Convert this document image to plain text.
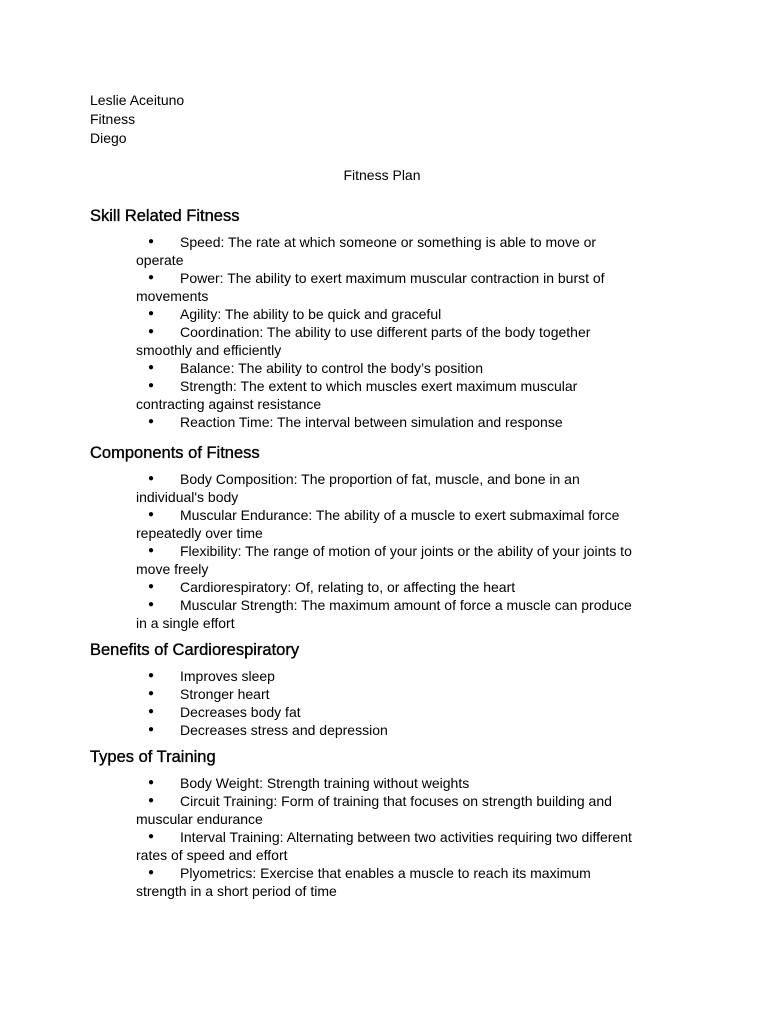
Leslie Aceituno
Fitness
Diego
Fitness Plan
Skill Related Fitness
● Speed: The rate at which someone or something is able to move or
operate
● Power: The ability to exert maximum muscular contraction in burst of
movements
● Agility: The ability to be quick and graceful
● Coordination: The ability to use different parts of the body together
smoothly and efficiently
● Balance: The ability to control the body’s position
● Strength: The extent to which muscles exert maximum muscular
contracting against resistance
● Reaction Time: The interval between simulation and response
Components of Fitness
● Body Composition: The proportion of fat, muscle, and bone in an
individual's body
● Muscular Endurance: The ability of a muscle to exert submaximal force
repeatedly over time
● Flexibility: The range of motion of your joints or the ability of your joints to
move freely
● Cardiorespiratory: Of, relating to, or affecting the heart
● Muscular Strength: The maximum amount of force a muscle can produce
in a single effort
Benefits of Cardiorespiratory
● Improves sleep
● Stronger heart
● Decreases body fat
● Decreases stress and depression
Types of Training
● Body Weight: Strength training without weights
● Circuit Training: Form of training that focuses on strength building and
muscular endurance
● Interval Training: Alternating between two activities requiring two different
rates of speed and effort
● Plyometrics: Exercise that enables a muscle to reach its maximum
strength in a short period of time
